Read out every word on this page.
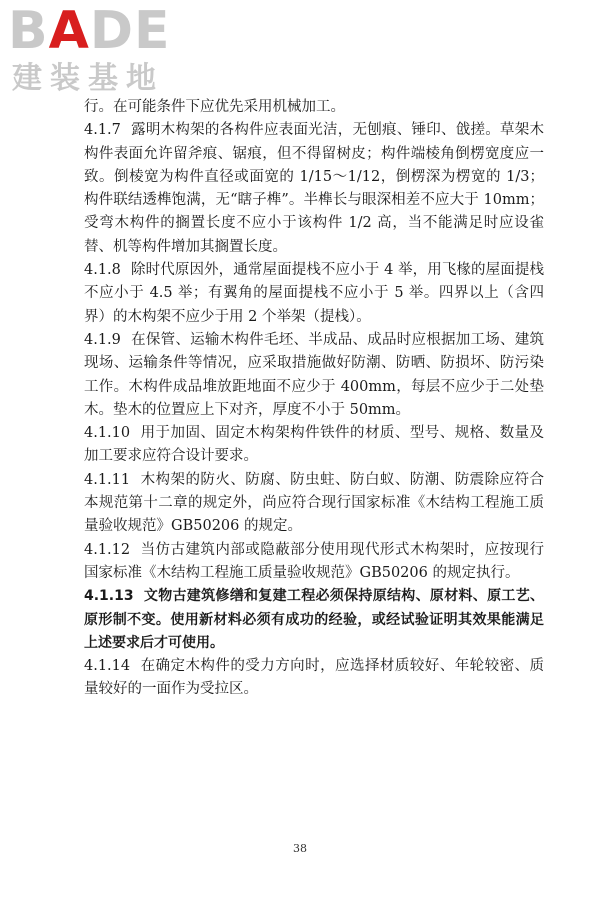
BADE
建装基地

行。在可能条件下应优先采用机械加工。

4.1.7 露明木构架的各构件应表面光洁，无刨痕、锤印、戗搓。草架木构件表面允许留斧痕、锯痕，但不得留树皮；构件端棱角倒楞宽度应一致。倒棱宽为构件直径或面宽的 1/15～1/12，倒楞深为楞宽的 1/3；构件联结透榫饱满，无“瞎子榫”。半榫长与眼深相差不应大于 10mm；受弯木构件的搁置长度不应小于该构件 1/2 高，当不能满足时应设雀替、机等构件增加其搁置长度。

4.1.8 除时代原因外，通常屋面提栈不应小于 4 举，用飞椽的屋面提栈不应小于 4.5 举；有翼角的屋面提栈不应小于 5 举。四界以上（含四界）的木构架不应少于用 2 个举架（提栈）。

4.1.9 在保管、运输木构件毛坯、半成品、成品时应根据加工场、建筑现场、运输条件等情况，应采取措施做好防潮、防晒、防损坏、防污染工作。木构件成品堆放距地面不应少于 400mm，每层不应少于二处垫木。垫木的位置应上下对齐，厚度不小于 50mm。

4.1.10 用于加固、固定木构架构件铁件的材质、型号、规格、数量及加工要求应符合设计要求。

4.1.11 木构架的防火、防腐、防虫蛀、防白蚁、防潮、防震除应符合本规范第十二章的规定外，尚应符合现行国家标准《木结构工程施工质量验收规范》GB50206 的规定。

4.1.12 当仿古建筑内部或隐蔽部分使用现代形式木构架时，应按现行国家标准《木结构工程施工质量验收规范》GB50206 的规定执行。

4.1.13 文物古建筑修缮和复建工程必须保持原结构、原材料、原工艺、原形制不变。使用新材料必须有成功的经验，或经试验证明其效果能满足上述要求后才可使用。

4.1.14 在确定木构件的受力方向时，应选择材质较好、年轮较密、质量较好的一面作为受拉区。

38
